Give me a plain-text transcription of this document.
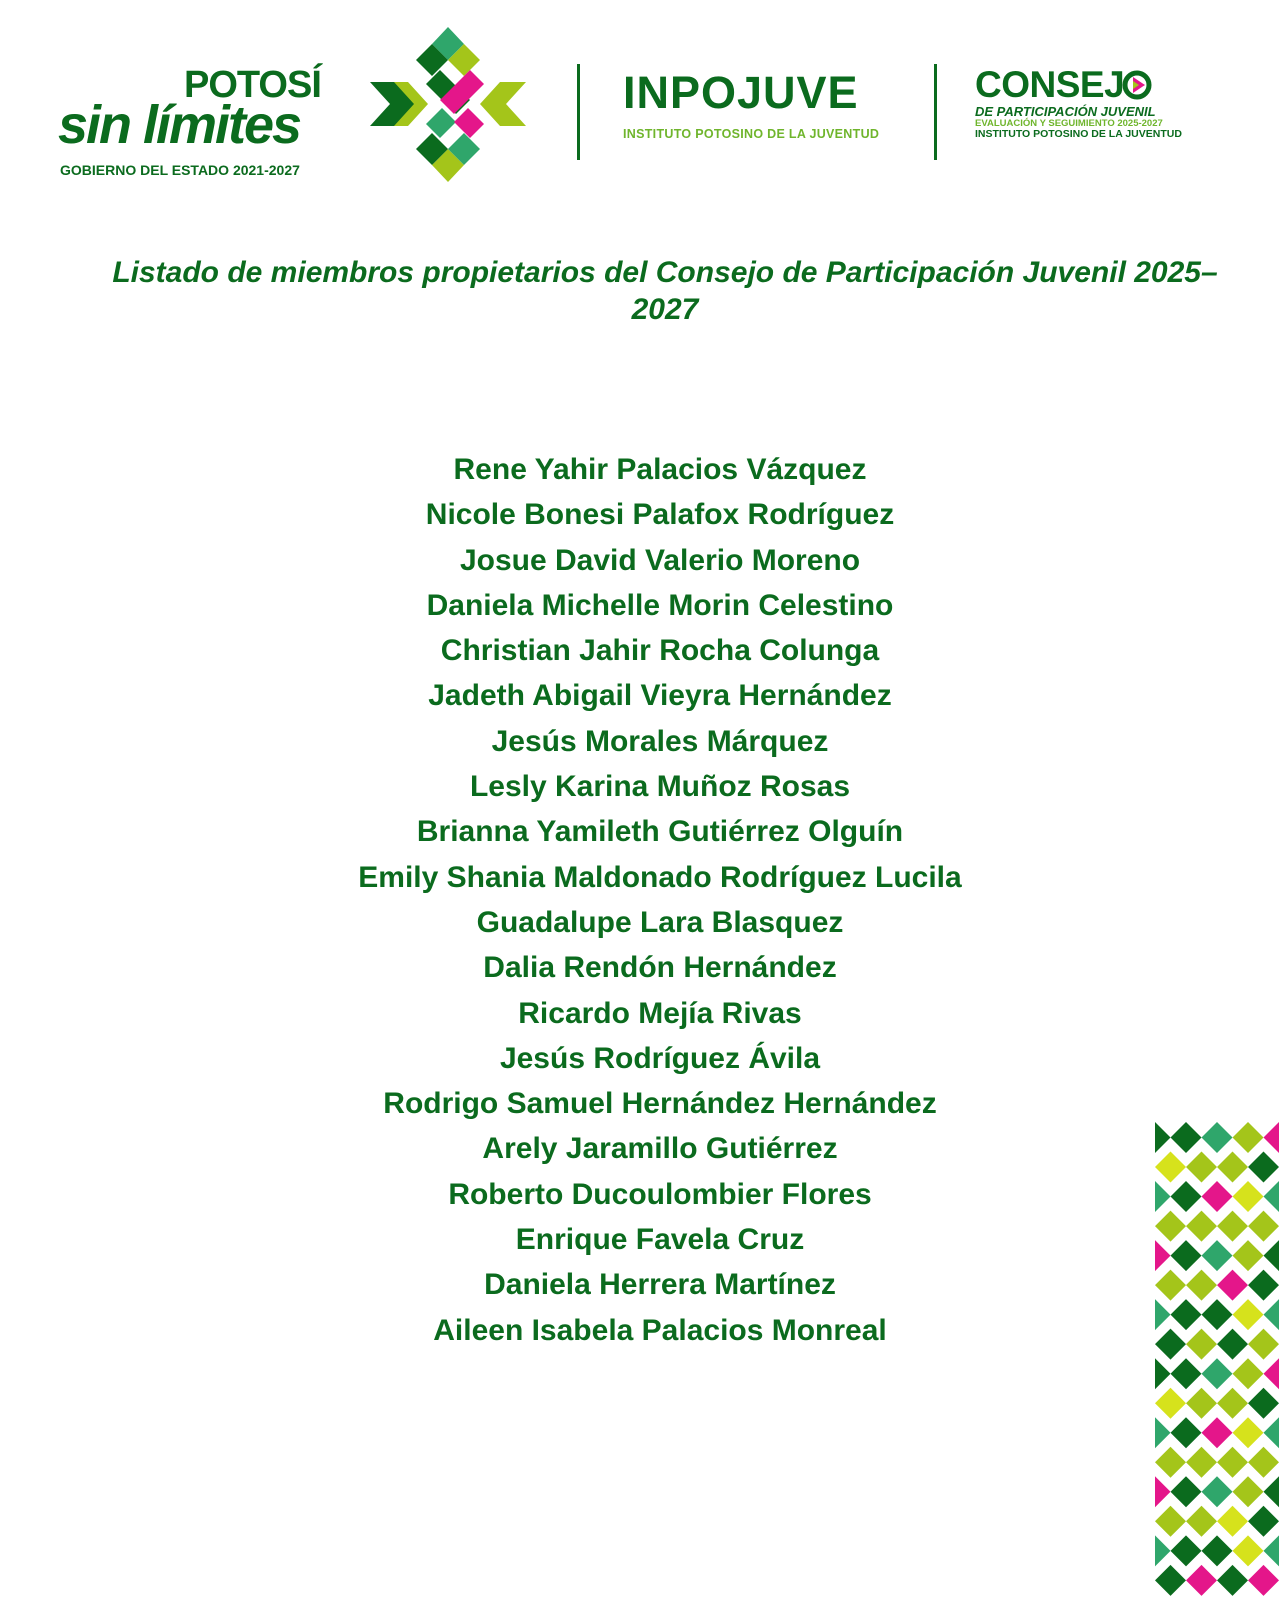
POTOSÍ
sin límites
GOBIERNO DEL ESTADO 2021-2027
INPOJUVE
INSTITUTO POTOSINO DE LA JUVENTUD
CONSEJ
DE PARTICIPACIÓN JUVENIL
EVALUACIÓN Y SEGUIMIENTO 2025-2027
INSTITUTO POTOSINO DE LA JUVENTUD
Listado de miembros propietarios del Consejo de Participación Juvenil 2025–2027
Rene Yahir Palacios Vázquez
Nicole Bonesi Palafox Rodríguez
Josue David Valerio Moreno
Daniela Michelle Morin Celestino
Christian Jahir Rocha Colunga
Jadeth Abigail Vieyra Hernández
Jesús Morales Márquez
Lesly Karina Muñoz Rosas
Brianna Yamileth Gutiérrez Olguín
Emily Shania Maldonado Rodríguez Lucila
Guadalupe Lara Blasquez
Dalia Rendón Hernández
Ricardo Mejía Rivas
Jesús Rodríguez Ávila
Rodrigo Samuel Hernández Hernández
Arely Jaramillo Gutiérrez
Roberto Ducoulombier Flores
Enrique Favela Cruz
Daniela Herrera Martínez
Aileen Isabela Palacios Monreal
